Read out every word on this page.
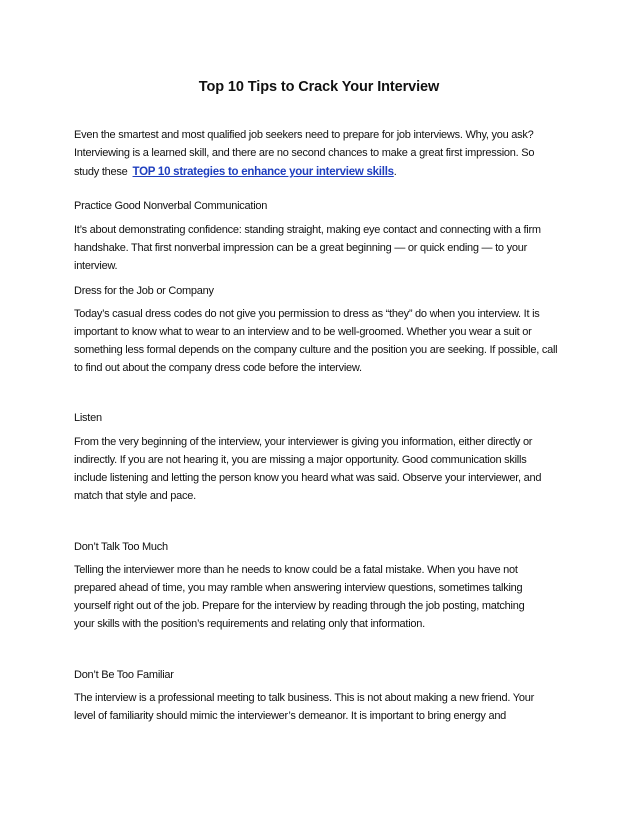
Top 10 Tips to Crack Your Interview

Even the smartest and most qualified job seekers need to prepare for job interviews. Why, you ask?
Interviewing is a learned skill, and there are no second chances to make a great first impression. So
study these TOP 10 strategies to enhance your interview skills.

Practice Good Nonverbal Communication

It’s about demonstrating confidence: standing straight, making eye contact and connecting with a firm
handshake. That first nonverbal impression can be a great beginning — or quick ending — to your
interview.

Dress for the Job or Company

Today’s casual dress codes do not give you permission to dress as “they” do when you interview. It is
important to know what to wear to an interview and to be well-groomed. Whether you wear a suit or
something less formal depends on the company culture and the position you are seeking. If possible, call
to find out about the company dress code before the interview.

Listen

From the very beginning of the interview, your interviewer is giving you information, either directly or
indirectly. If you are not hearing it, you are missing a major opportunity. Good communication skills
include listening and letting the person know you heard what was said. Observe your interviewer, and
match that style and pace.

Don’t Talk Too Much

Telling the interviewer more than he needs to know could be a fatal mistake. When you have not
prepared ahead of time, you may ramble when answering interview questions, sometimes talking
yourself right out of the job. Prepare for the interview by reading through the job posting, matching
your skills with the position’s requirements and relating only that information.

Don’t Be Too Familiar

The interview is a professional meeting to talk business. This is not about making a new friend. Your
level of familiarity should mimic the interviewer’s demeanor. It is important to bring energy and
